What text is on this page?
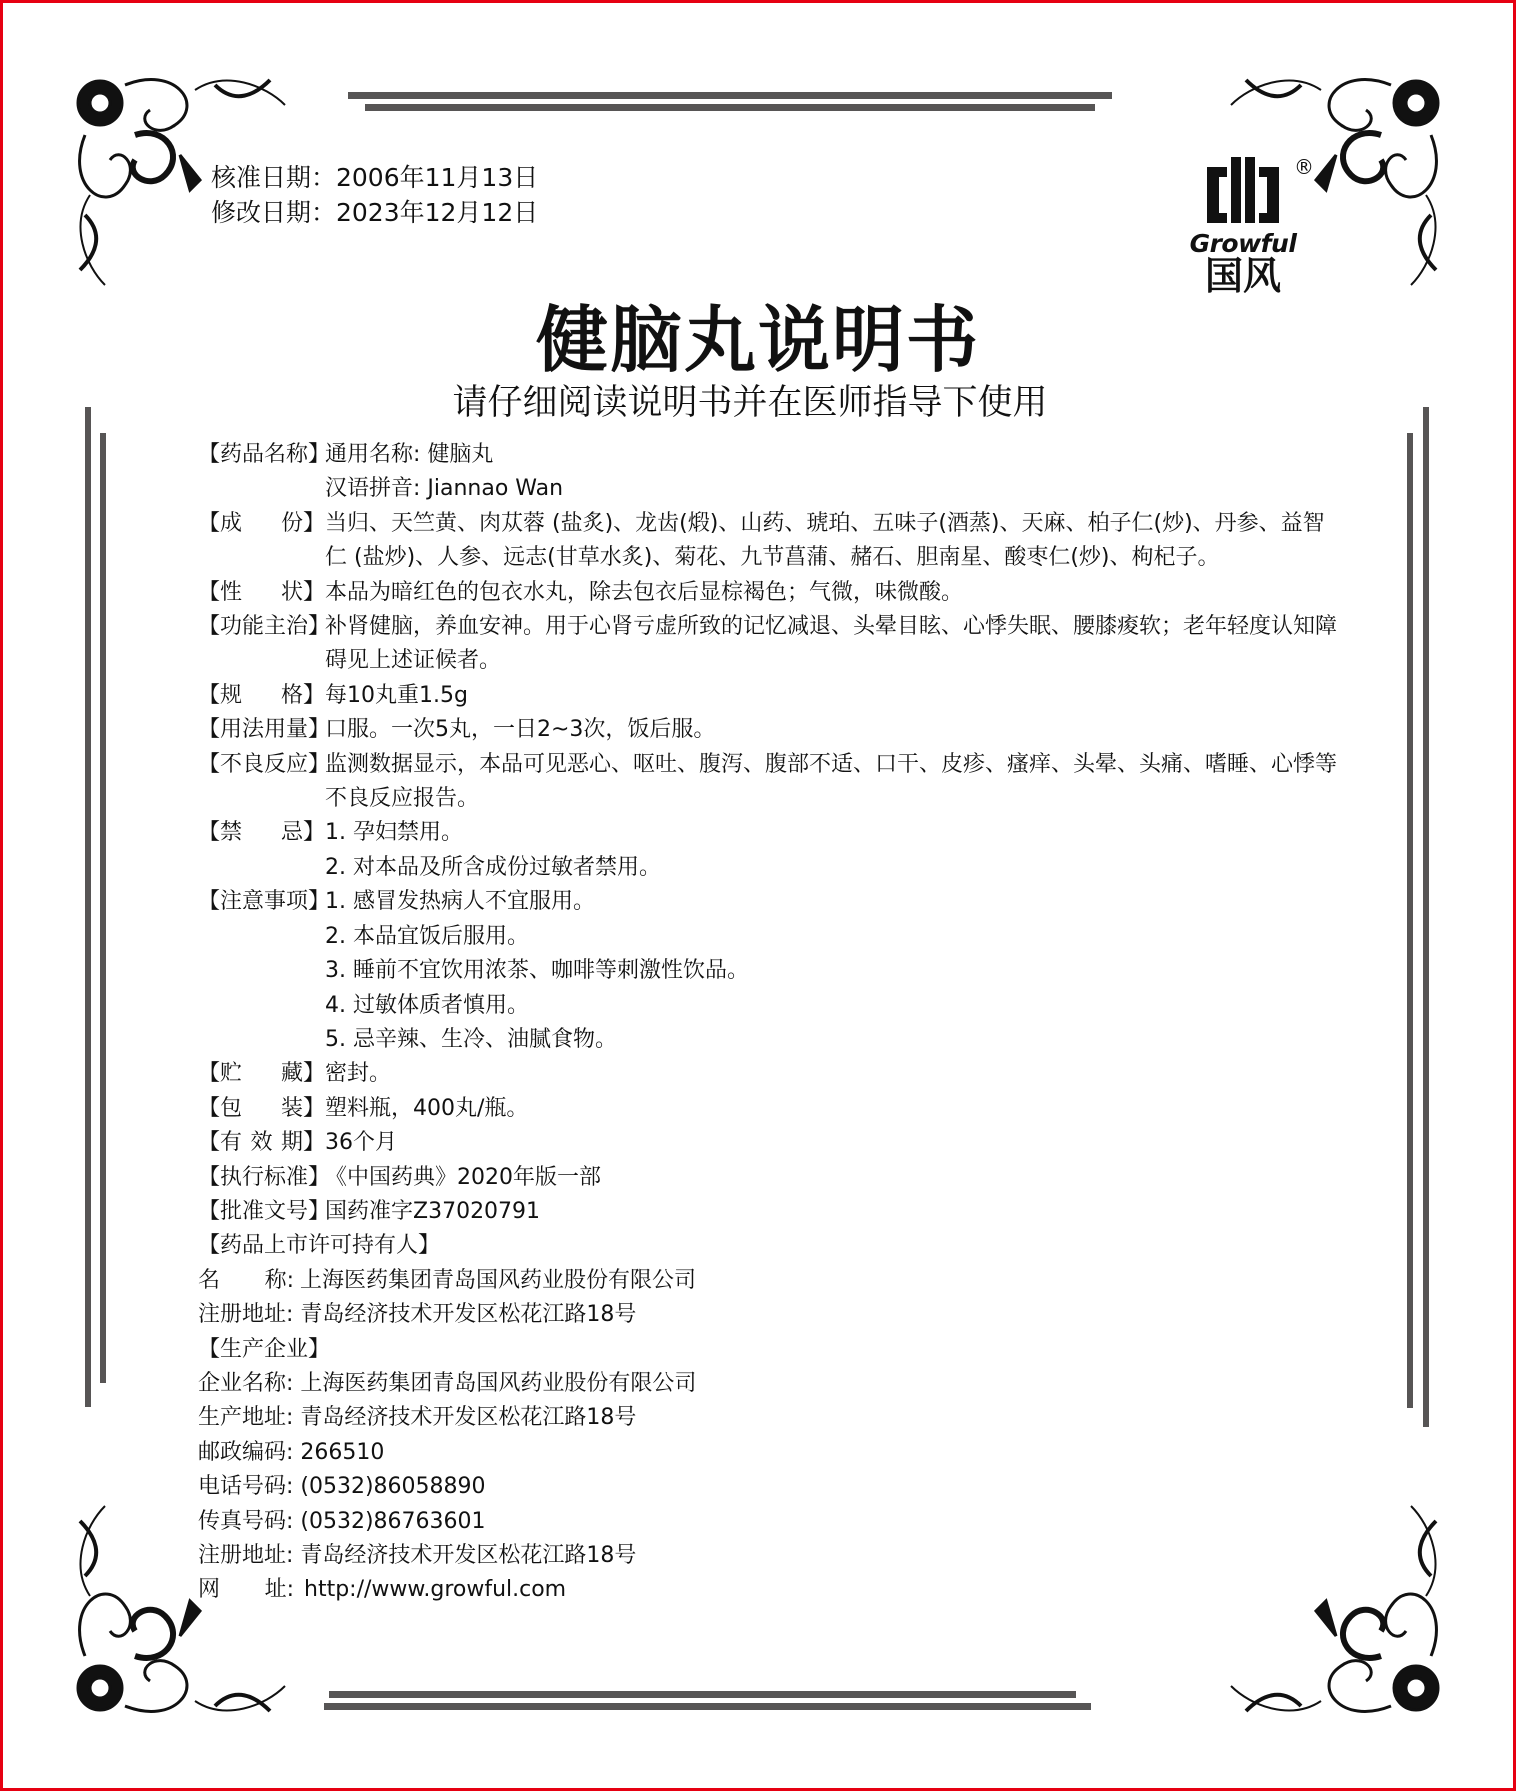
核准日期：2006年11月13日
修改日期：2023年12月12日
®
Growful
国风
健脑丸说明书
请仔细阅读说明书并在医师指导下使用
【药品名称】
通用名称: 健脑丸
汉语拼音: Jiannao Wan
【成 份】 当归、天竺黄、肉苁蓉 (盐炙)、龙齿(煅)、山药、琥珀、五味子(酒蒸)、天麻、柏子仁(炒)、丹参、益智仁 (盐炒)、人参、远志(甘草水炙)、菊花、九节菖蒲、赭石、胆南星、酸枣仁(炒)、枸杞子。
【性 状】 本品为暗红色的包衣水丸，除去包衣后显棕褐色；气微，味微酸。
【功能主治】
补肾健脑，养血安神。用于心肾亏虚所致的记忆减退、头晕目眩、心悸失眠、腰膝痠软；老年轻度认知障碍见上述证候者。
【规 格】 每10丸重1.5g
【用法用量】
口服。一次5丸，一日2~3次，饭后服。
【不良反应】
监测数据显示，本品可见恶心、呕吐、腹泻、腹部不适、口干、皮疹、瘙痒、头晕、头痛、嗜睡、心悸等不良反应报告。
【禁 忌】 1. 孕妇禁用。
2. 对本品及所含成份过敏者禁用。
【注意事项】
1. 感冒发热病人不宜服用。
2. 本品宜饭后服用。
3. 睡前不宜饮用浓茶、咖啡等刺激性饮品。
4. 过敏体质者慎用。
5. 忌辛辣、生冷、油腻食物。
【贮 藏】 密封。
【包 装】 塑料瓶，400丸/瓶。
【有 效 期】 36个月
【执行标准】
《中国药典》2020年版一部
【批准文号】
国药准字Z37020791
【药品上市许可持有人】
名 称: 上海医药集团青岛国风药业股份有限公司
注册地址: 青岛经济技术开发区松花江路18号
【生产企业】
企业名称: 上海医药集团青岛国风药业股份有限公司
生产地址: 青岛经济技术开发区松花江路18号
邮政编码: 266510
电话号码: (0532)86058890
传真号码: (0532)86763601
注册地址: 青岛经济技术开发区松花江路18号
网 址: http://www.growful.com
